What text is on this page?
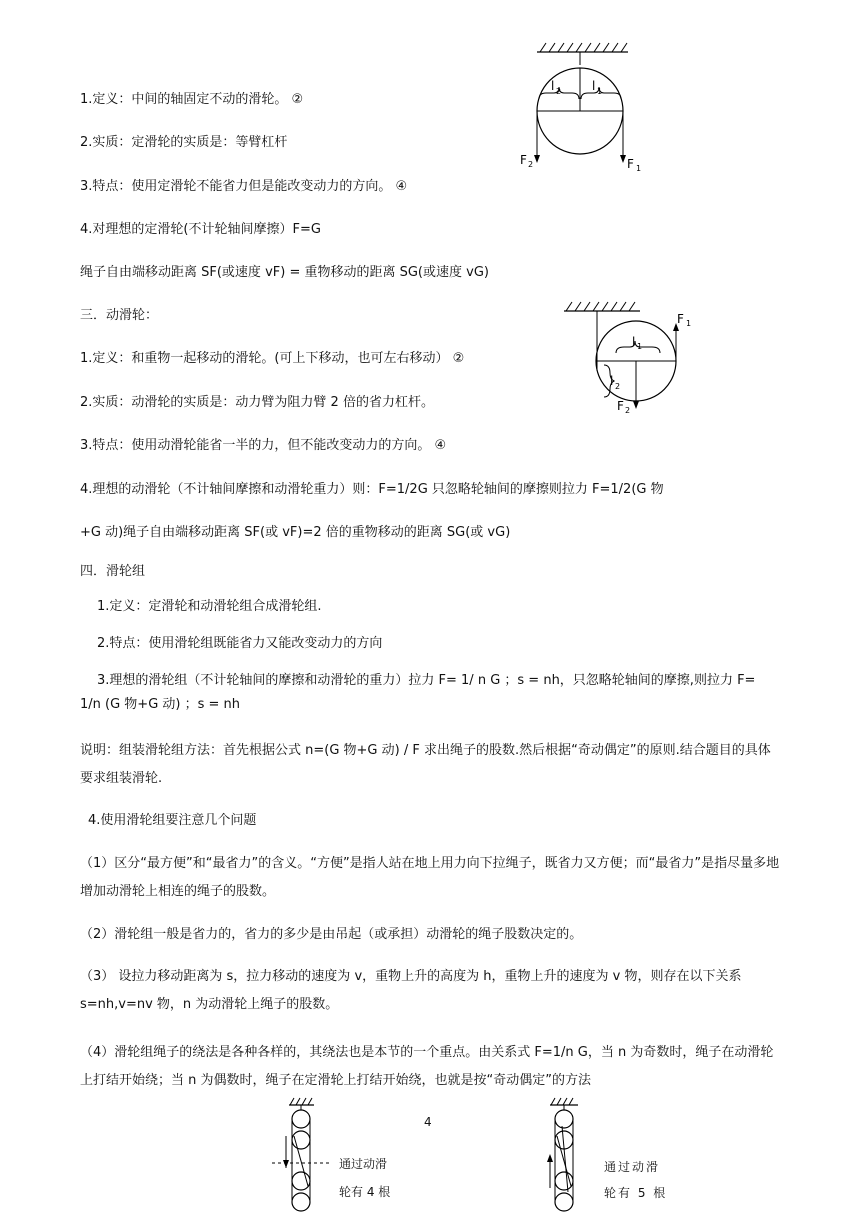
1.定义：中间的轴固定不动的滑轮。 ②
2.实质：定滑轮的实质是：等臂杠杆
3.特点：使用定滑轮不能省力但是能改变动力的方向。 ④
4.对理想的定滑轮(不计轮轴间摩擦）F=G
绳子自由端移动距离 SF(或速度 vF) = 重物移动的距离 SG(或速度 vG)
l 2	l 1
F 2	F 1
三．动滑轮：
1.定义：和重物一起移动的滑轮。(可上下移动，也可左右移动） ②
2.实质：动滑轮的实质是：动力臂为阻力臂 2 倍的省力杠杆。
3.特点：使用动滑轮能省一半的力，但不能改变动力的方向。 ④
4.理想的动滑轮（不计轴间摩擦和动滑轮重力）则：F=1/2G 只忽略轮轴间的摩擦则拉力 F=1/2(G 物
+G 动)绳子自由端移动距离 SF(或 vF)=2 倍的重物移动的距离 SG(或 vG)
l 1
l 2
F 1
F 2
四．滑轮组
1.定义：定滑轮和动滑轮组合成滑轮组.
2.特点：使用滑轮组既能省力又能改变动力的方向
3.理想的滑轮组（不计轮轴间的摩擦和动滑轮的重力）拉力 F= 1/ n G ；s = nh，只忽略轮轴间的摩擦,则拉力 F= 1/n (G 物+G 动) ；s = nh
说明：组装滑轮组方法：首先根据公式 n=(G 物+G 动) / F 求出绳子的股数.然后根据“奇动偶定”的原则.结合题目的具体要求组装滑轮.
4.使用滑轮组要注意几个问题
（1）区分“最方便”和“最省力”的含义。“方便”是指人站在地上用力向下拉绳子，既省力又方便；而“最省力”是指尽量多地增加动滑轮上相连的绳子的股数。
（2）滑轮组一般是省力的，省力的多少是由吊起（或承担）动滑轮的绳子股数决定的。
（3） 设拉力移动距离为 s，拉力移动的速度为 v，重物上升的高度为 h，重物上升的速度为 v 物，则存在以下关系 s=nh,v=nv 物，n 为动滑轮上绳子的股数。
（4）滑轮组绳子的绕法是各种各样的，其绕法也是本节的一个重点。由关系式 F=1/n G，当 n 为奇数时，绳子在动滑轮上打结开始绕；当 n 为偶数时，绳子在定滑轮上打结开始绕，也就是按“奇动偶定”的方法
4
通过动滑
轮有 4 根
通过动滑
轮有 5 根
